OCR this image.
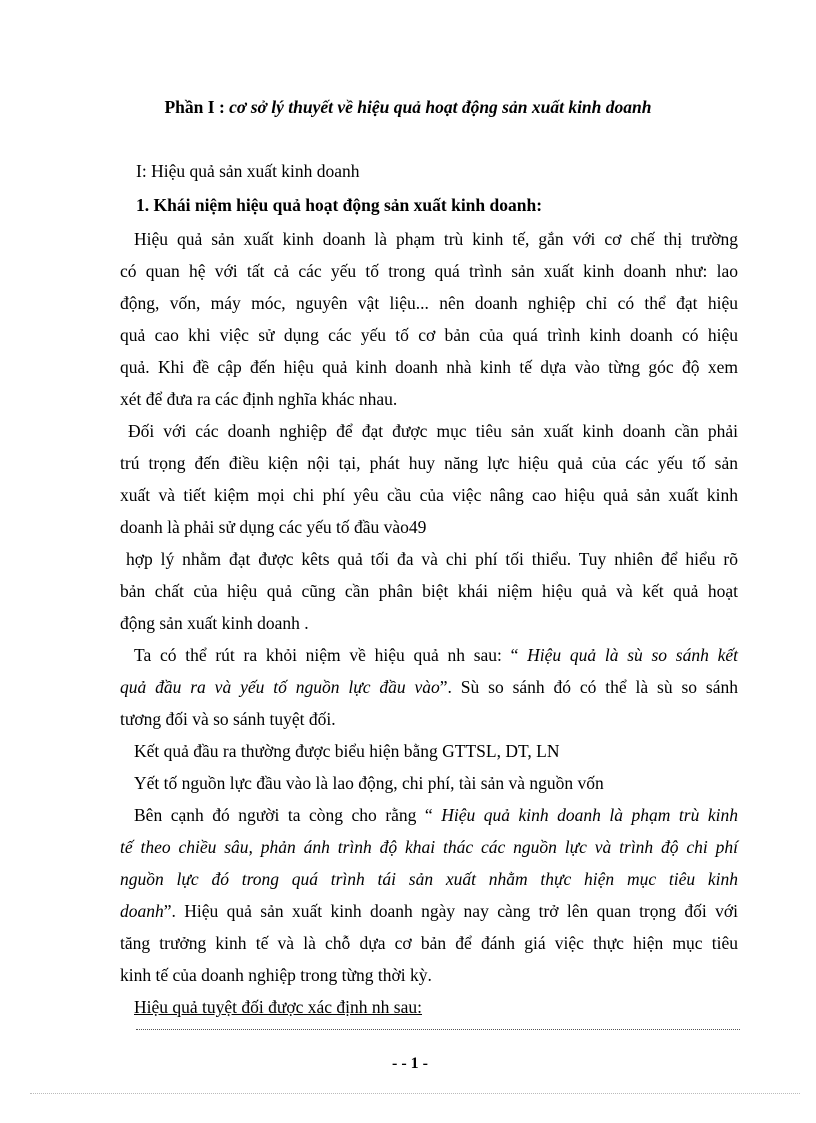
Phần I : cơ sở lý thuyết về hiệu quả hoạt động sản xuất kinh doanh
I: Hiệu quả sản xuất kinh doanh
1. Khái niệm hiệu quả hoạt động sản xuất kinh doanh:
Hiệu quả sản xuất kinh doanh là phạm trù kinh tế, gắn với cơ chế thị trường
có quan hệ với tất cả các yếu tố trong quá trình sản xuất kinh doanh như: lao
động, vốn, máy móc, nguyên vật liệu... nên doanh nghiệp chỉ có thể đạt hiệu
quả cao khi việc sử dụng các yếu tố cơ bản của quá trình kinh doanh có hiệu
quả. Khi đề cập đến hiệu quả kinh doanh nhà kinh tế dựa vào từng góc độ xem
xét để đưa ra các định nghĩa khác nhau.
Đối với các doanh nghiệp để đạt được mục tiêu sản xuất kinh doanh cần phải
trú trọng đến điều kiện nội tại, phát huy năng lực hiệu quả của các yếu tố sản
xuất và tiết kiệm mọi chi phí yêu cầu của việc nâng cao hiệu quả sản xuất kinh
doanh là phải sử dụng các yếu tố đầu vào49
hợp lý nhằm đạt được kêts quả tối đa và chi phí tối thiểu. Tuy nhiên để hiểu rõ
bản chất của hiệu quả cũng cần phân biệt khái niệm hiệu quả và kết quả hoạt
động sản xuất kinh doanh .
Ta có thể rút ra khỏi niệm về hiệu quả nh sau: “ Hiệu quả là sù so sánh kết
quả đầu ra và yếu tố nguồn lực đầu vào”. Sù so sánh đó có thể là sù so sánh
tương đối và so sánh tuyệt đối.
Kết quả đầu ra thường được biểu hiện bằng GTTSL, DT, LN
Yết tố nguồn lực đầu vào là lao động, chi phí, tài sản và nguồn vốn
Bên cạnh đó người ta còng cho rằng “ Hiệu quả kinh doanh là phạm trù kinh
tế theo chiều sâu, phản ánh trình độ khai thác các nguồn lực và trình độ chi phí
nguồn lực đó trong quá trình tái sản xuất nhằm thực hiện mục tiêu kinh
doanh”. Hiệu quả sản xuất kinh doanh ngày nay càng trở lên quan trọng đối với
tăng trưởng kinh tế và là chỗ dựa cơ bản để đánh giá việc thực hiện mục tiêu
kinh tế của doanh nghiệp trong từng thời kỳ.
Hiệu quả tuyệt đối được xác định nh sau:
- - 1 -
